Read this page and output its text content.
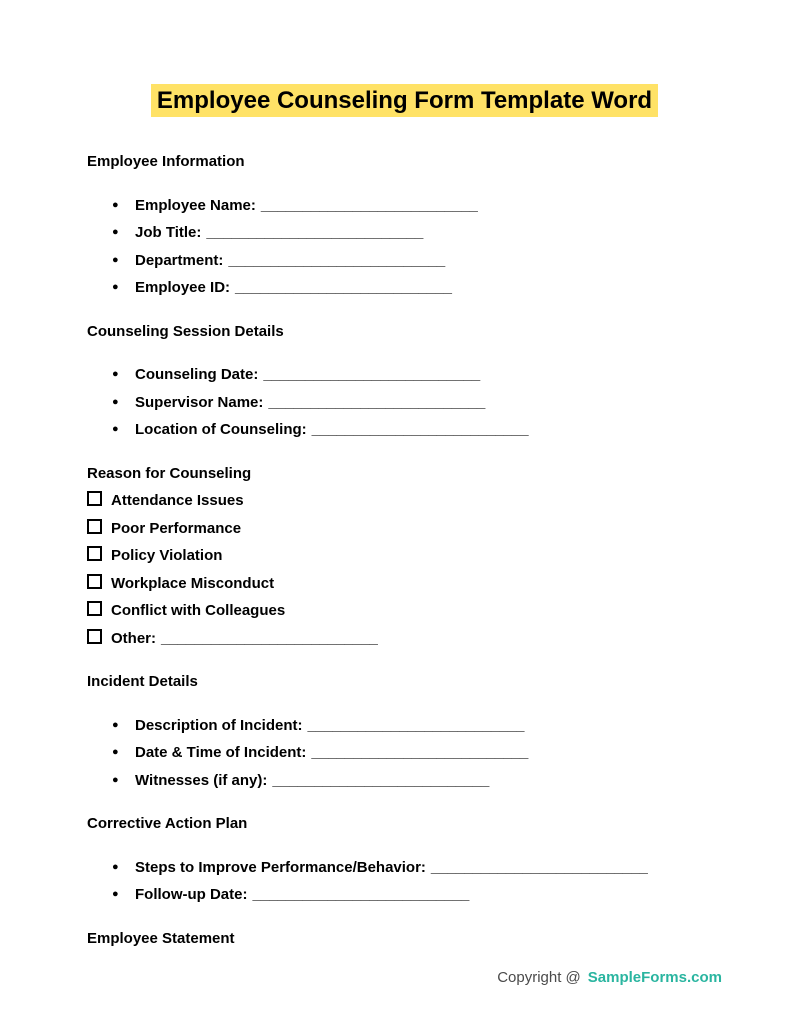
Employee Counseling Form Template Word

Employee Information

● Employee Name: __________________________
● Job Title: __________________________
● Department: __________________________
● Employee ID: __________________________

Counseling Session Details

● Counseling Date: __________________________
● Supervisor Name: __________________________
● Location of Counseling: __________________________

Reason for Counseling

Attendance Issues
Poor Performance
Policy Violation
Workplace Misconduct
Conflict with Colleagues
Other: __________________________

Incident Details

● Description of Incident: __________________________
● Date & Time of Incident: __________________________
● Witnesses (if any): __________________________

Corrective Action Plan

● Steps to Improve Performance/Behavior: __________________________
● Follow-up Date: __________________________

Employee Statement

Copyright @ SampleForms.com
